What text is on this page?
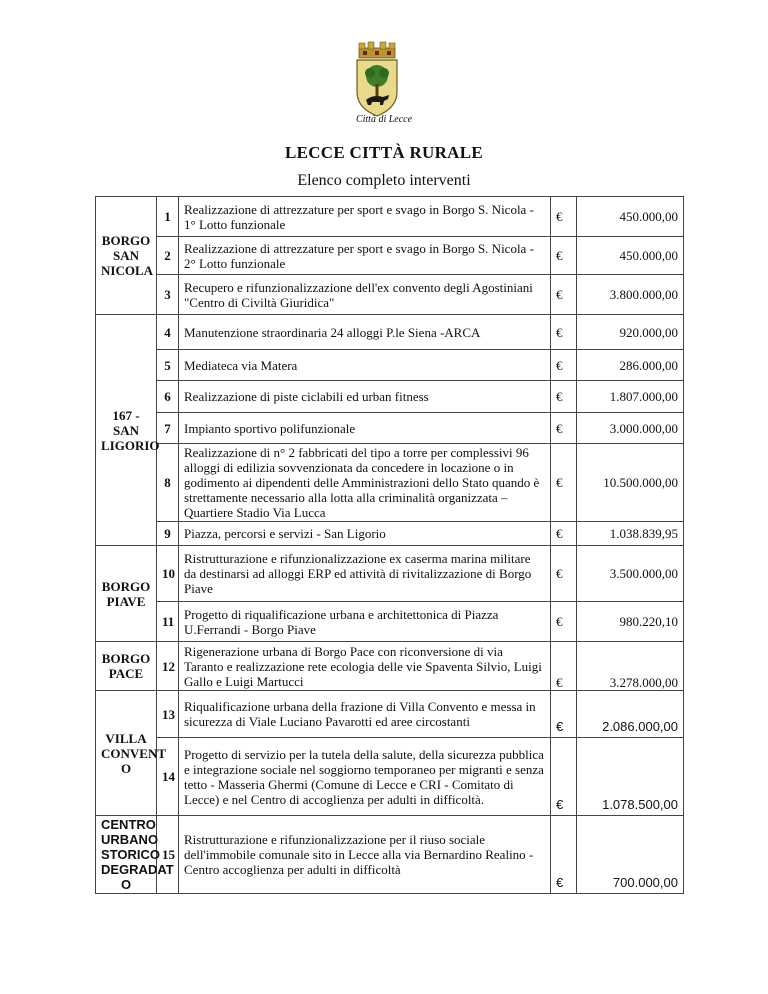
Città di Lecce
LECCE CITTÀ RURALE
Elenco completo interventi
BORGO SAN NICOLA	1	Realizzazione di attrezzature per sport e svago in Borgo S. Nicola - 1° Lotto funzionale	€	450.000,00
	2	Realizzazione di attrezzature per sport e svago in Borgo S. Nicola - 2° Lotto funzionale	€	450.000,00
	3	Recupero e rifunzionalizzazione dell'ex convento degli Agostiniani "Centro di Civiltà Giuridica"	€	3.800.000,00
167 - SAN LIGORIO	4	Manutenzione straordinaria 24 alloggi P.le Siena -ARCA	€	920.000,00
	5	Mediateca via Matera	€	286.000,00
	6	Realizzazione di piste ciclabili ed urban fitness	€	1.807.000,00
	7	Impianto sportivo polifunzionale	€	3.000.000,00
	8	Realizzazione di n° 2 fabbricati del tipo a torre per complessivi 96 alloggi di edilizia sovvenzionata da concedere in locazione o in godimento ai dipendenti delle Amministrazioni dello Stato quando è strettamente necessario alla lotta alla criminalità organizzata – Quartiere Stadio Via Lucca	€	10.500.000,00
	9	Piazza, percorsi e servizi - San Ligorio	€	1.038.839,95
BORGO PIAVE	10	Ristrutturazione e rifunzionalizzazione ex caserma marina militare da destinarsi ad alloggi ERP ed attività di rivitalizzazione di Borgo Piave	€	3.500.000,00
	11	Progetto di riqualificazione urbana e architettonica di Piazza U.Ferrandi - Borgo Piave	€	980.220,10
BORGO PACE	12	Rigenerazione urbana di Borgo Pace con riconversione di via Taranto e realizzazione rete ecologia delle vie Spaventa Silvio, Luigi Gallo e Luigi Martucci	€	3.278.000,00
VILLA CONVENT O	13	Riqualificazione urbana della frazione di Villa Convento e messa in sicurezza di Viale Luciano Pavarotti ed aree circostanti	€	2.086.000,00
	14	Progetto di servizio per la tutela della salute, della sicurezza pubblica e integrazione sociale nel soggiorno temporaneo per migranti e senza tetto - Masseria Ghermi (Comune di Lecce e CRI - Comitato di Lecce) e nel Centro di accoglienza per adulti in difficoltà.	€	1.078.500,00
CENTRO URBANO STORICO DEGRADAT O	15	Ristrutturazione e rifunzionalizzazione per il riuso sociale dell'immobile comunale sito in Lecce alla via Bernardino Realino - Centro accoglienza per adulti in difficoltà	€	700.000,00
